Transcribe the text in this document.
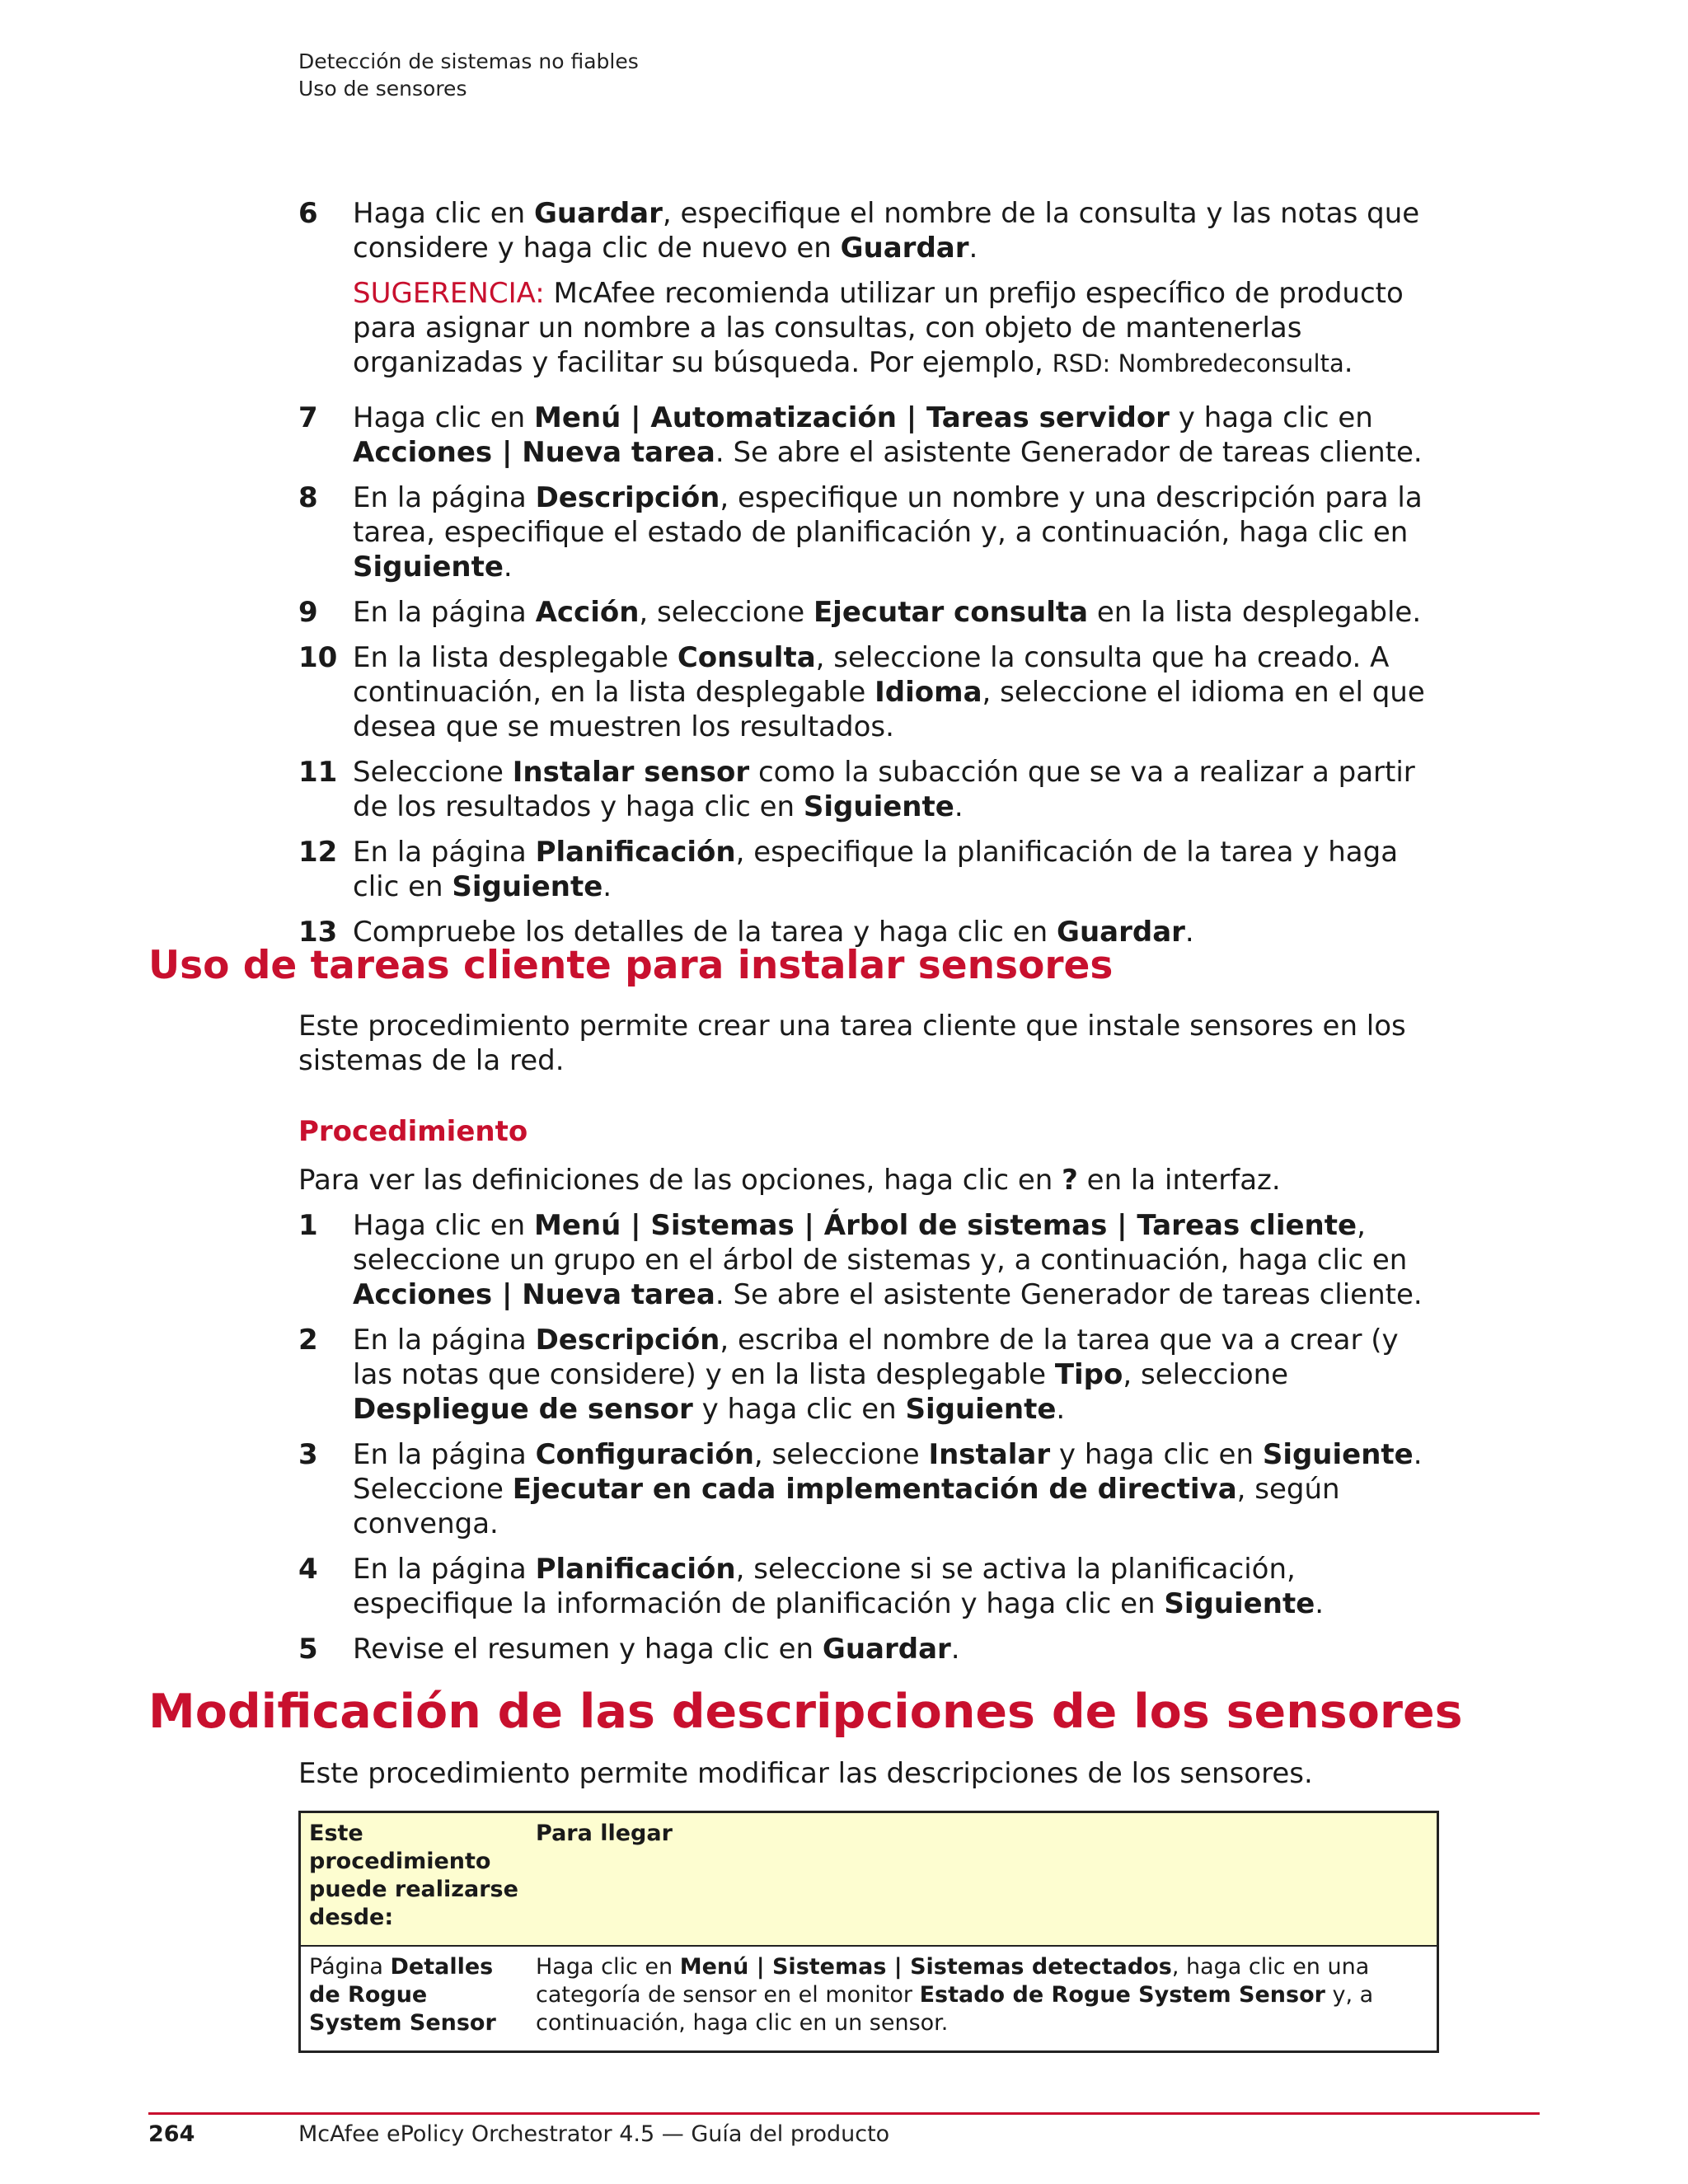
Detección de sistemas no fiables
Uso de sensores
6 Haga clic en Guardar, especifique el nombre de la consulta y las notas que considere y haga clic de nuevo en Guardar.
SUGERENCIA: McAfee recomienda utilizar un prefijo específico de producto para asignar un nombre a las consultas, con objeto de mantenerlas organizadas y facilitar su búsqueda. Por ejemplo, RSD: Nombredeconsulta.
7 Haga clic en Menú | Automatización | Tareas servidor y haga clic en Acciones | Nueva tarea. Se abre el asistente Generador de tareas cliente.
8 En la página Descripción, especifique un nombre y una descripción para la tarea, especifique el estado de planificación y, a continuación, haga clic en Siguiente.
9 En la página Acción, seleccione Ejecutar consulta en la lista desplegable.
10 En la lista desplegable Consulta, seleccione la consulta que ha creado. A continuación, en la lista desplegable Idioma, seleccione el idioma en el que desea que se muestren los resultados.
11 Seleccione Instalar sensor como la subacción que se va a realizar a partir de los resultados y haga clic en Siguiente.
12 En la página Planificación, especifique la planificación de la tarea y haga clic en Siguiente.
13 Compruebe los detalles de la tarea y haga clic en Guardar.
Uso de tareas cliente para instalar sensores

Este procedimiento permite crear una tarea cliente que instale sensores en los sistemas de la red.

Procedimiento

Para ver las definiciones de las opciones, haga clic en ? en la interfaz.

1 Haga clic en Menú | Sistemas | Árbol de sistemas | Tareas cliente, seleccione un grupo en el árbol de sistemas y, a continuación, haga clic en Acciones | Nueva tarea. Se abre el asistente Generador de tareas cliente.
2 En la página Descripción, escriba el nombre de la tarea que va a crear (y las notas que considere) y en la lista desplegable Tipo, seleccione Despliegue de sensor y haga clic en Siguiente.
3 En la página Configuración, seleccione Instalar y haga clic en Siguiente. Seleccione Ejecutar en cada implementación de directiva, según convenga.
4 En la página Planificación, seleccione si se activa la planificación, especifique la información de planificación y haga clic en Siguiente.
5 Revise el resumen y haga clic en Guardar.
Modificación de las descripciones de los sensores

Este procedimiento permite modificar las descripciones de los sensores.

Este procedimiento puede realizarse desde:	Para llegar
Página Detalles de Rogue System Sensor	Haga clic en Menú | Sistemas | Sistemas detectados, haga clic en una categoría de sensor en el monitor Estado de Rogue System Sensor y, a continuación, haga clic en un sensor.
264	McAfee ePolicy Orchestrator 4.5 — Guía del producto
